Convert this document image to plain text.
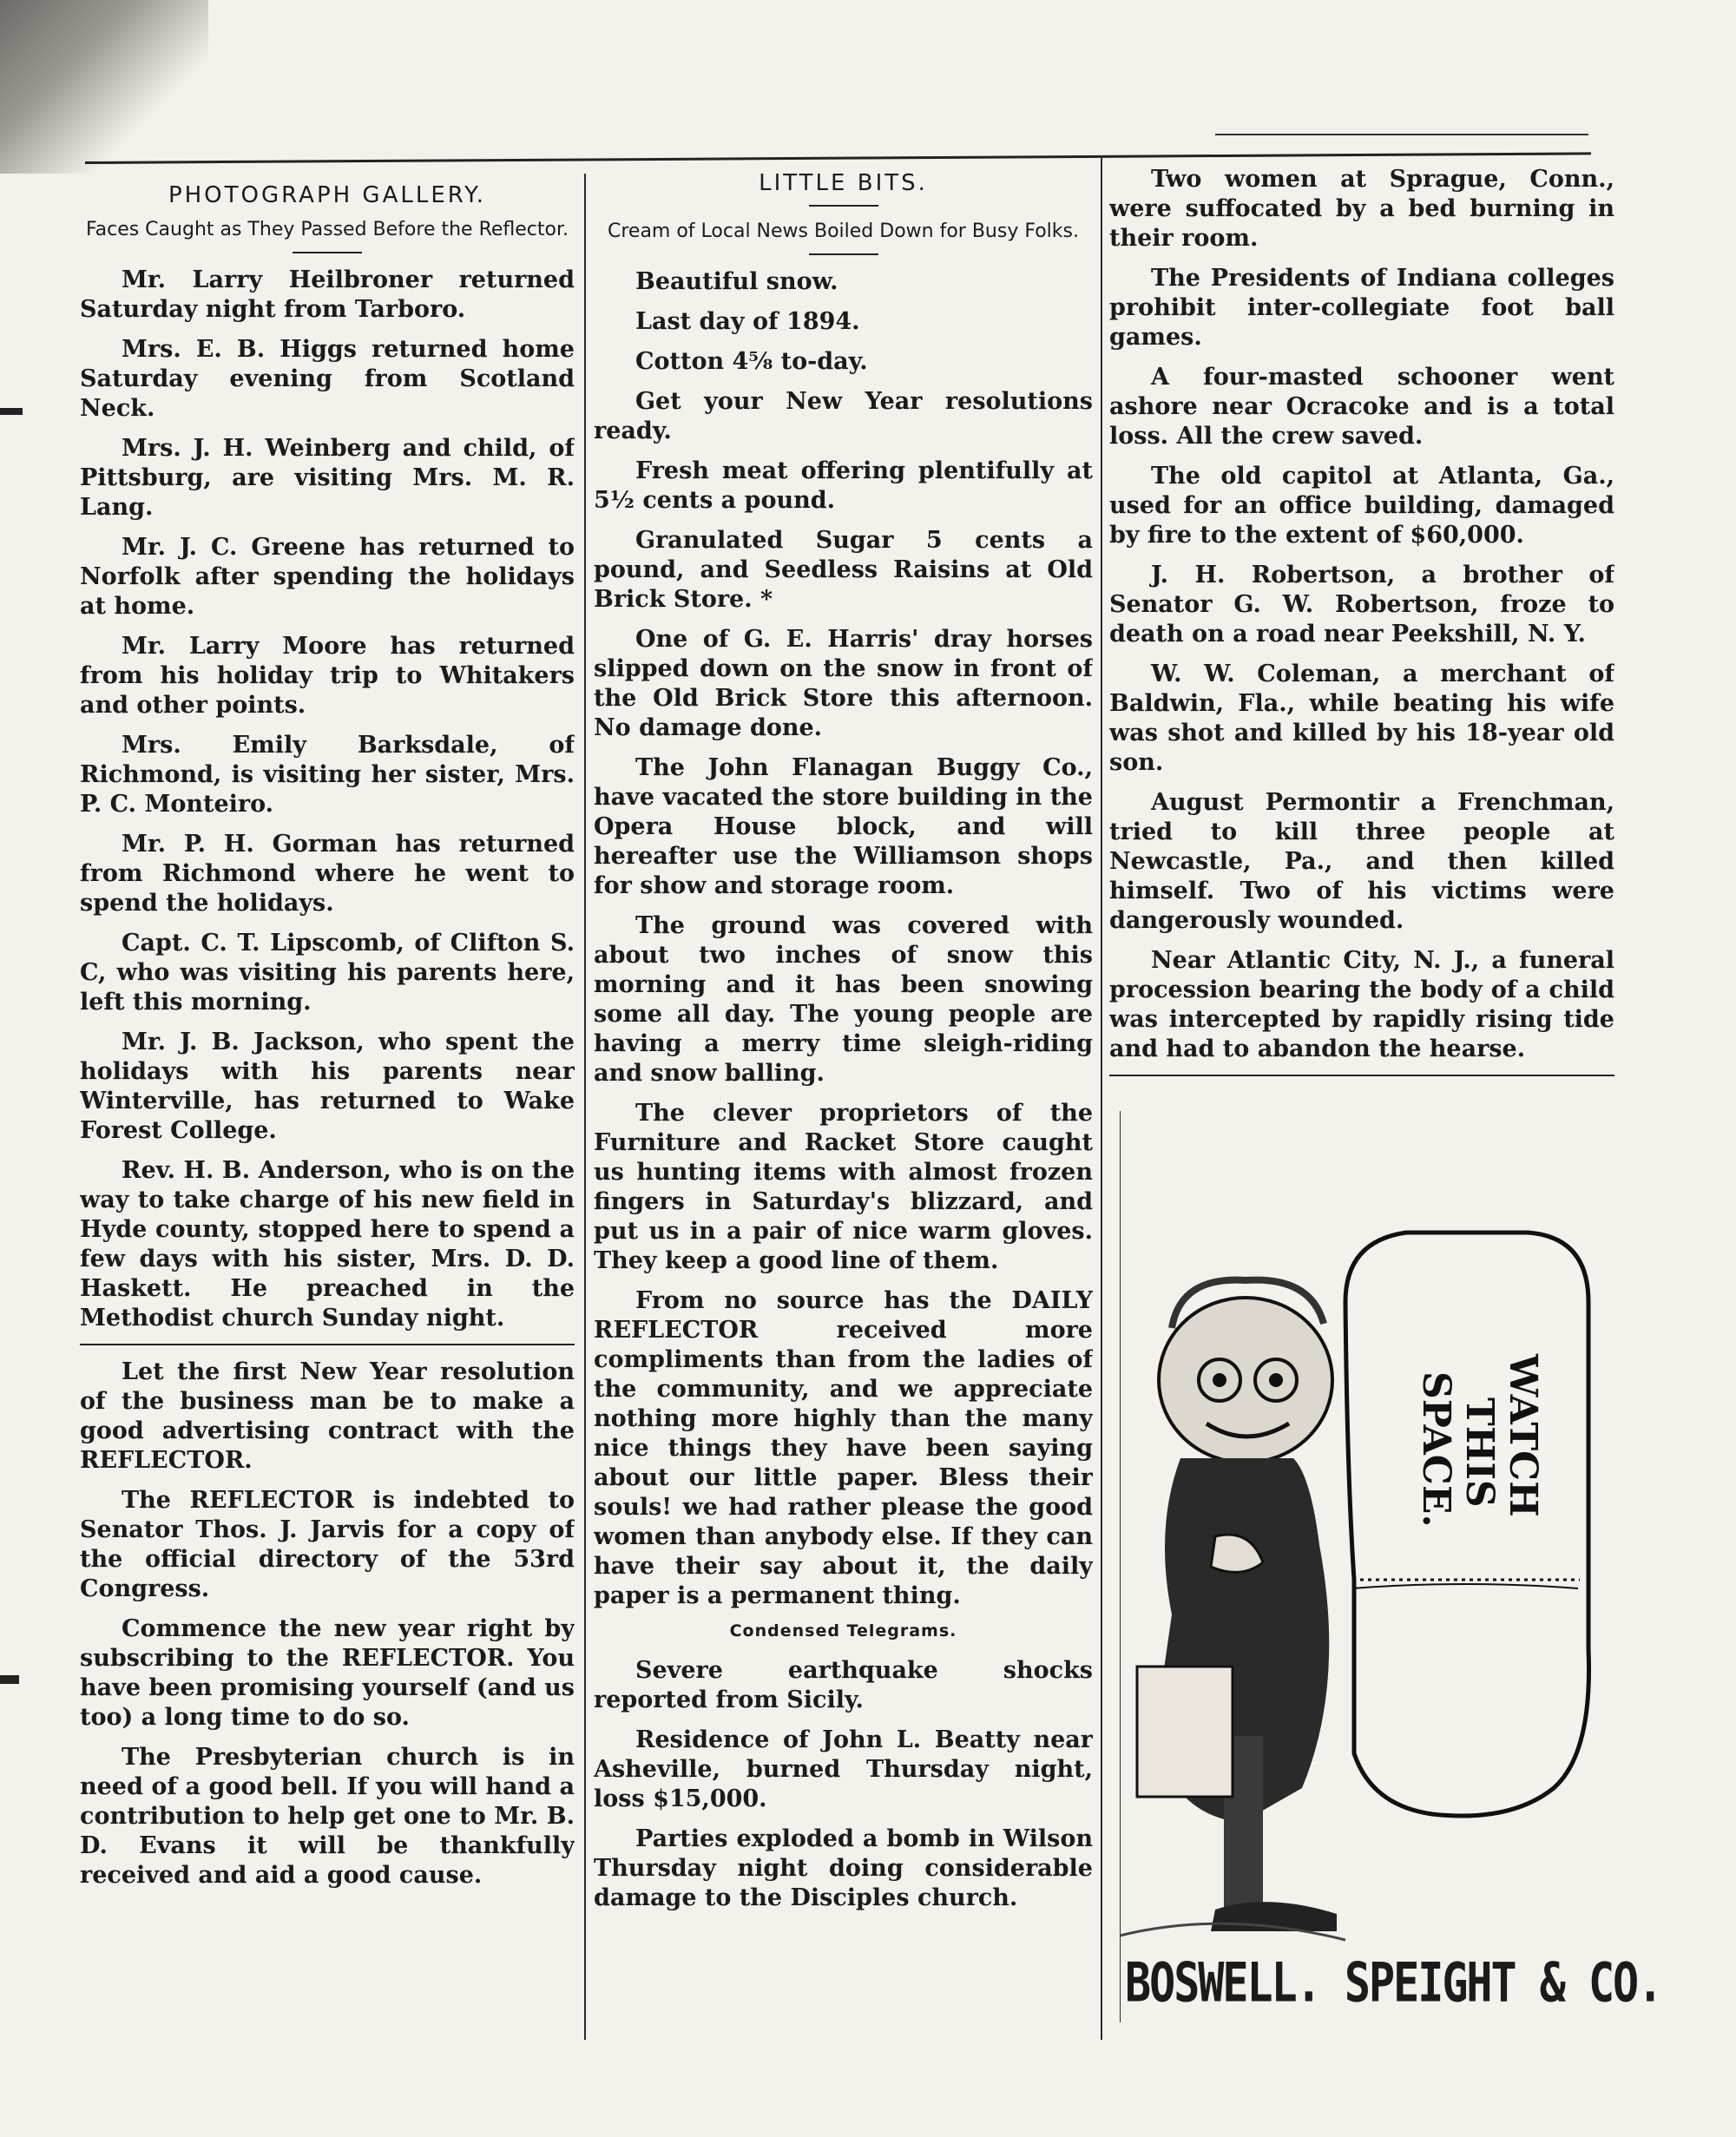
PHOTOGRAPH GALLERY.
Faces Caught as They Passed Before the Reflector.

Mr. Larry Heilbroner returned Saturday night from Tarboro.

Mrs. E. B. Higgs returned home Saturday evening from Scotland Neck.

Mrs. J. H. Weinberg and child, of Pittsburg, are visiting Mrs. M. R. Lang.

Mr. J. C. Greene has returned to Norfolk after spending the holidays at home.

Mr. Larry Moore has returned from his holiday trip to Whitakers and other points.

Mrs. Emily Barksdale, of Richmond, is visiting her sister, Mrs. P. C. Monteiro.

Mr. P. H. Gorman has returned from Richmond where he went to spend the holidays.

Capt. C. T. Lipscomb, of Clifton S. C, who was visiting his parents here, left this morning.

Mr. J. B. Jackson, who spent the holidays with his parents near Winterville, has returned to Wake Forest College.

Rev. H. B. Anderson, who is on the way to take charge of his new field in Hyde county, stopped here to spend a few days with his sister, Mrs. D. D. Haskett. He preached in the Methodist church Sunday night.

Let the first New Year resolution of the business man be to make a good advertising contract with the REFLECTOR.

The REFLECTOR is indebted to Senator Thos. J. Jarvis for a copy of the official directory of the 53rd Congress.

Commence the new year right by subscribing to the REFLECTOR. You have been promising yourself (and us too) a long time to do so.

The Presbyterian church is in need of a good bell. If you will hand a contribution to help get one to Mr. B. D. Evans it will be thankfully received and aid a good cause.

LITTLE BITS.
Cream of Local News Boiled Down for Busy Folks.

Beautiful snow.

Last day of 1894.

Cotton 4⅝ to-day.

Get your New Year resolutions ready.

Fresh meat offering plentifully at 5½ cents a pound.

Granulated Sugar 5 cents a pound, and Seedless Raisins at Old Brick Store. *

One of G. E. Harris' dray horses slipped down on the snow in front of the Old Brick Store this afternoon. No damage done.

The John Flanagan Buggy Co., have vacated the store building in the Opera House block, and will hereafter use the Williamson shops for show and storage room.

The ground was covered with about two inches of snow this morning and it has been snowing some all day. The young people are having a merry time sleigh-riding and snow balling.

The clever proprietors of the Furniture and Racket Store caught us hunting items with almost frozen fingers in Saturday's blizzard, and put us in a pair of nice warm gloves. They keep a good line of them.

From no source has the DAILY REFLECTOR received more compliments than from the ladies of the community, and we appreciate nothing more highly than the many nice things they have been saying about our little paper. Bless their souls! we had rather please the good women than anybody else. If they can have their say about it, the daily paper is a permanent thing.

Condensed Telegrams.

Severe earthquake shocks reported from Sicily.

Residence of John L. Beatty near Asheville, burned Thursday night, loss $15,000.

Parties exploded a bomb in Wilson Thursday night doing considerable damage to the Disciples church.

Two women at Sprague, Conn., were suffocated by a bed burning in their room.

The Presidents of Indiana colleges prohibit inter-collegiate foot ball games.

A four-masted schooner went ashore near Ocracoke and is a total loss. All the crew saved.

The old capitol at Atlanta, Ga., used for an office building, damaged by fire to the extent of $60,000.

J. H. Robertson, a brother of Senator G. W. Robertson, froze to death on a road near Peekshill, N. Y.

W. W. Coleman, a merchant of Baldwin, Fla., while beating his wife was shot and killed by his 18-year old son.

August Permontir a Frenchman, tried to kill three people at Newcastle, Pa., and then killed himself. Two of his victims were dangerously wounded.

Near Atlantic City, N. J., a funeral procession bearing the body of a child was intercepted by rapidly rising tide and had to abandon the hearse.

WATCH
THIS
SPACE.
BOSWELL. SPEIGHT & CO.
